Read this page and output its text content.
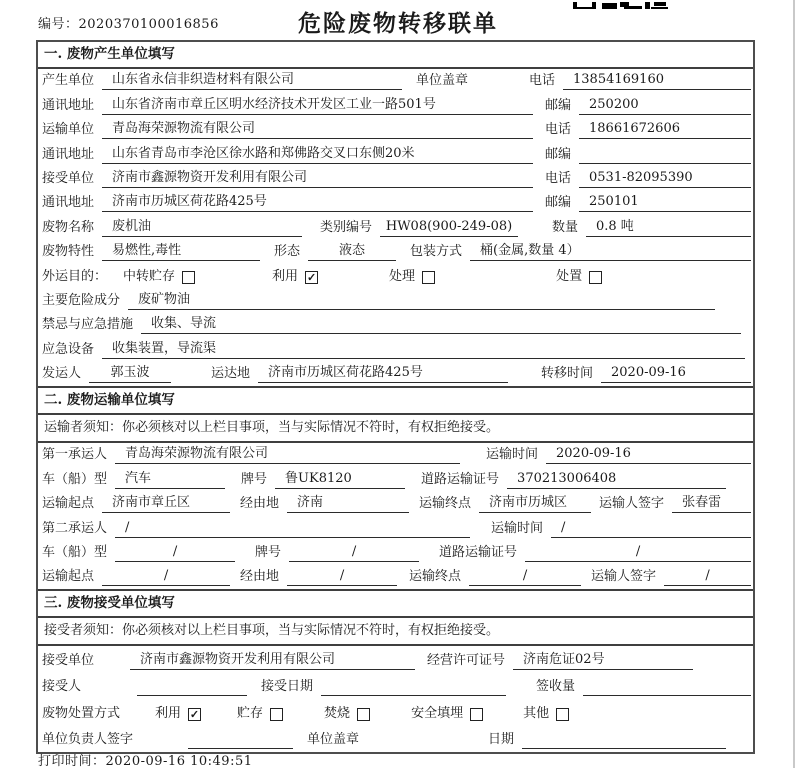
编号：2020370100016856	危险废物转移联单
一. 废物产生单位填写
产生单位	山东省永信非织造材料有限公司	单位盖章	电话	13854169160
通讯地址	山东省济南市章丘区明水经济技术开发区工业一路501号	邮编	250200
运输单位	青岛海荣源物流有限公司	电话	18661672606
通讯地址	山东省青岛市李沧区徐水路和郑佛路交叉口东侧20米	邮编
接受单位	济南市鑫源物资开发利用有限公司	电话	0531-82095390
通讯地址	济南市历城区荷花路425号	邮编	250101
废物名称	废机油	类别编号	HW08(900-249-08)	数量	0.8 吨
废物特性	易燃性,毒性	形态	液态	包装方式	桶(金属,数量 4）
外运目的： 中转贮存	利用 ✓	处理	处置
主要危险成分	废矿物油
禁忌与应急措施	收集、导流
应急设备	收集装置，导流渠
发运人	郭玉波	运达地	济南市历城区荷花路425号	转移时间	2020-09-16
二. 废物运输单位填写
运输者须知：你必须核对以上栏目事项，当与实际情况不符时，有权拒绝接受。
第一承运人	青岛海荣源物流有限公司	运输时间	2020-09-16
车（船）型	汽车	牌号	鲁UK8120	道路运输证号	370213006408
运输起点	济南市章丘区	经由地	济南	运输终点	济南市历城区	运输人签字	张春雷
第二承运人	/	运输时间	/
车（船）型	/	牌号	/	道路运输证号	/
运输起点	/	经由地	/	运输终点	/	运输人签字	/
三. 废物接受单位填写
接受者须知：你必须核对以上栏目事项，当与实际情况不符时，有权拒绝接受。
接受单位	济南市鑫源物资开发利用有限公司	经营许可证号	济南危证02号
接受人	接受日期	签收量
废物处置方式	利用 ✓	贮存	焚烧	安全填埋	其他
单位负责人签字	单位盖章	日期
打印时间：2020-09-16 10:49:51
